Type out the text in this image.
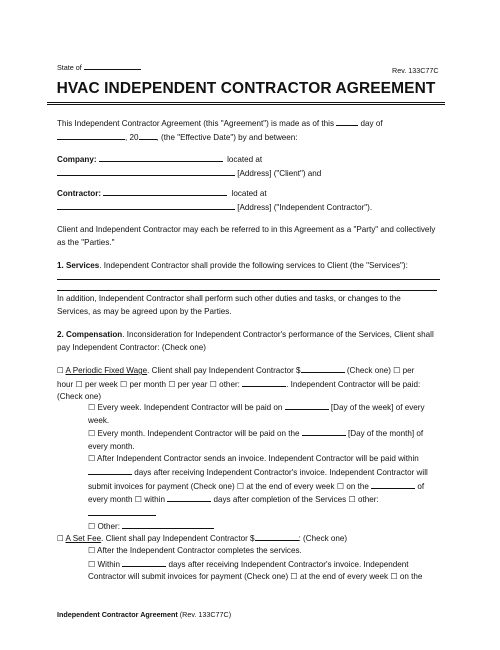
State of	Rev. 133C77C
HVAC INDEPENDENT CONTRACTOR AGREEMENT
This Independent Contractor Agreement (this "Agreement") is made as of this	day of
, 20 , (the "Effective Date") by and between:
Company:	located at
[Address] ("Client") and
Contractor:	located at
[Address] ("Independent Contractor").
Client and Independent Contractor may each be referred to in this Agreement as a "Party" and collectively
as the "Parties."
1. Services. Independent Contractor shall provide the following services to Client (the "Services"):
In addition, Independent Contractor shall perform such other duties and tasks, or changes to the
Services, as may be agreed upon by the Parties.
2. Compensation. Inconsideration for Independent Contractor's performance of the Services, Client shall
pay Independent Contractor: (Check one)
☐ A Periodic Fixed Wage. Client shall pay Independent Contractor $	(Check one) ☐ per
hour ☐ per week ☐ per month ☐ per year ☐ other:	. Independent Contractor will be paid:
(Check one)
☐ Every week. Independent Contractor will be paid on	[Day of the week] of every
week.
☐ Every month. Independent Contractor will be paid on the	[Day of the month] of
every month.
☐ After Independent Contractor sends an invoice. Independent Contractor will be paid within
days after receiving Independent Contractor's invoice. Independent Contractor will
submit invoices for payment (Check one) ☐ at the end of every week ☐ on the	of
every month ☐ within	days after completion of the Services ☐ other:
☐ Other:
☐ A Set Fee. Client shall pay Independent Contractor $	: (Check one)
☐ After the Independent Contractor completes the services.
☐ Within	days after receiving Independent Contractor's invoice. Independent
Contractor will submit invoices for payment (Check one) ☐ at the end of every week ☐ on the
Independent Contractor Agreement (Rev. 133C77C)
